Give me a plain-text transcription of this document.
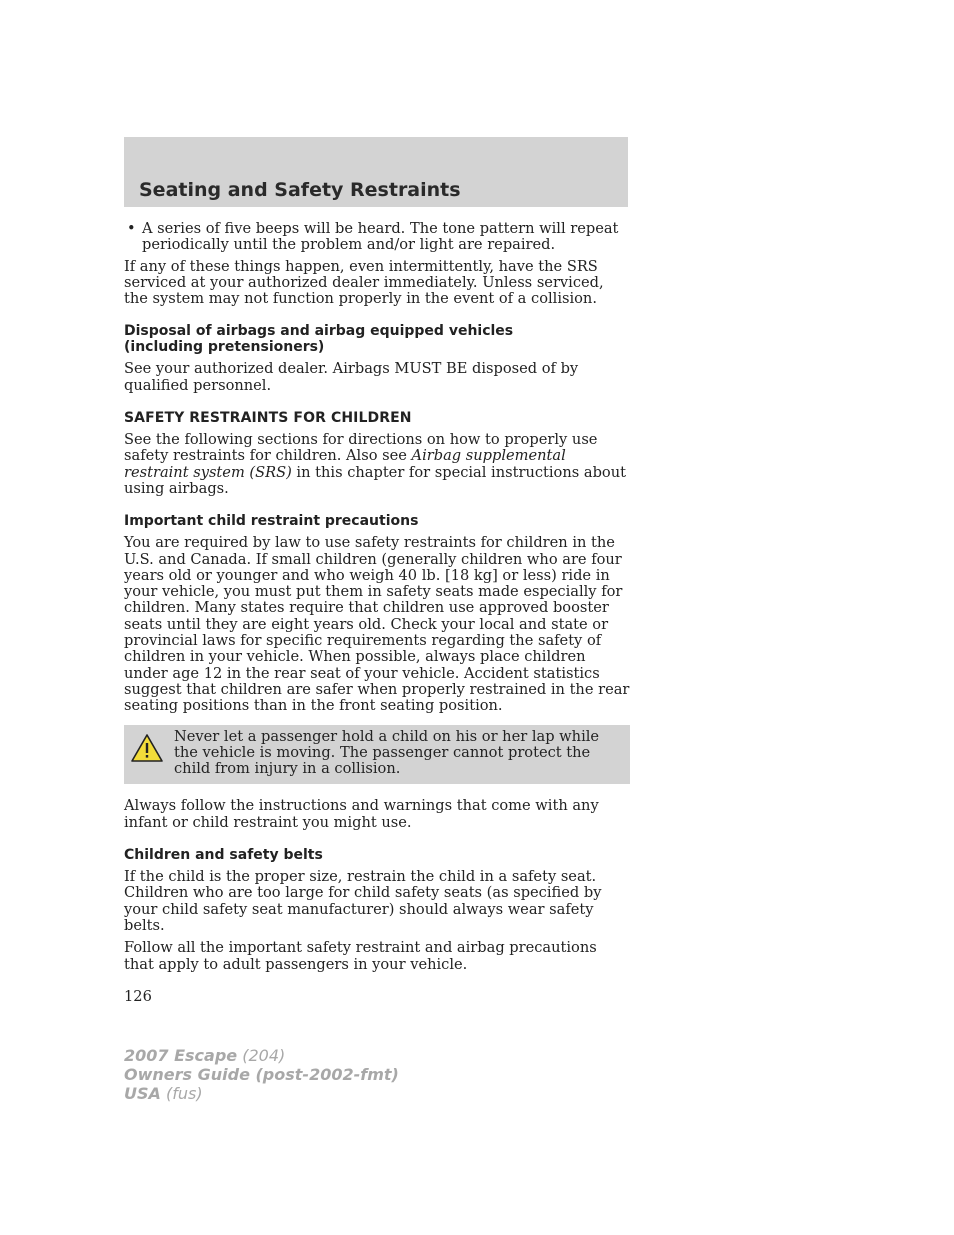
Seating and Safety Restraints
• A series of five beeps will be heard. The tone pattern will repeat periodically until the problem and/or light are repaired.

If any of these things happen, even intermittently, have the SRS serviced at your authorized dealer immediately. Unless serviced, the system may not function properly in the event of a collision.

Disposal of airbags and airbag equipped vehicles
(including pretensioners)

See your authorized dealer. Airbags MUST BE disposed of by qualified personnel.

SAFETY RESTRAINTS FOR CHILDREN

See the following sections for directions on how to properly use safety restraints for children. Also see Airbag supplemental restraint system (SRS) in this chapter for special instructions about using airbags.

Important child restraint precautions

You are required by law to use safety restraints for children in the U.S. and Canada. If small children (generally children who are four years old or younger and who weigh 40 lb. [18 kg] or less) ride in your vehicle, you must put them in safety seats made especially for children. Many states require that children use approved booster seats until they are eight years old. Check your local and state or provincial laws for specific requirements regarding the safety of children in your vehicle. When possible, always place children under age 12 in the rear seat of your vehicle. Accident statistics suggest that children are safer when properly restrained in the rear seating positions than in the front seating position.

Never let a passenger hold a child on his or her lap while the vehicle is moving. The passenger cannot protect the child from injury in a collision.

Always follow the instructions and warnings that come with any infant or child restraint you might use.

Children and safety belts

If the child is the proper size, restrain the child in a safety seat. Children who are too large for child safety seats (as specified by your child safety seat manufacturer) should always wear safety belts.

Follow all the important safety restraint and airbag precautions that apply to adult passengers in your vehicle.

126
2007 Escape (204)
Owners Guide (post-2002-fmt)
USA (fus)
